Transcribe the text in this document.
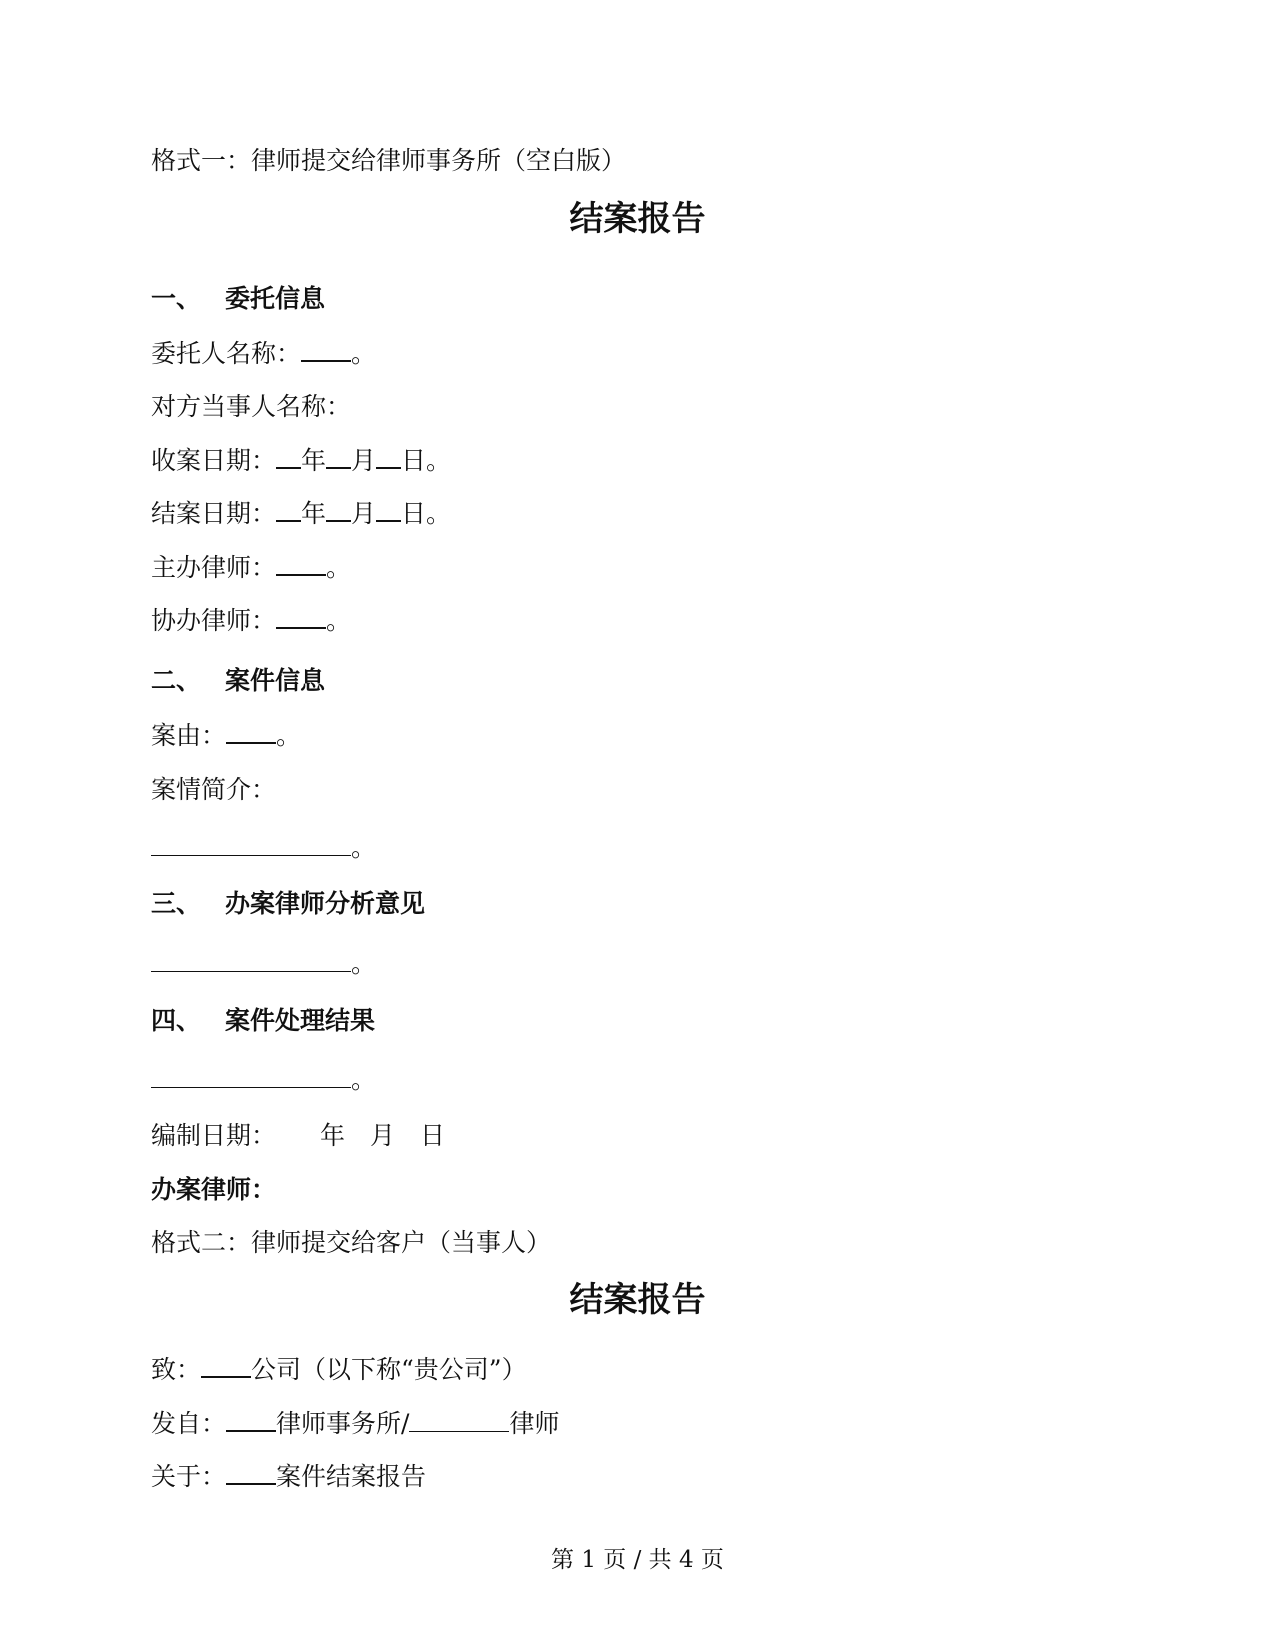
格式一：律师提交给律师事务所（空白版）
结案报告
一、 委托信息
委托人名称： 。
对方当事人名称：
收案日期： 年 月 日。
结案日期： 年 月 日。
主办律师： 。
协办律师： 。
二、 案件信息
案由： 。
案情简介：
。
三、 办案律师分析意见
。
四、 案件处理结果
。
编制日期： 年 月 日
办案律师：
格式二：律师提交给客户（当事人）
结案报告
致： 公司（以下称“贵公司”）
发自： 律师事务所/	律师
关于： 案件结案报告
第 1 页 / 共 4 页
